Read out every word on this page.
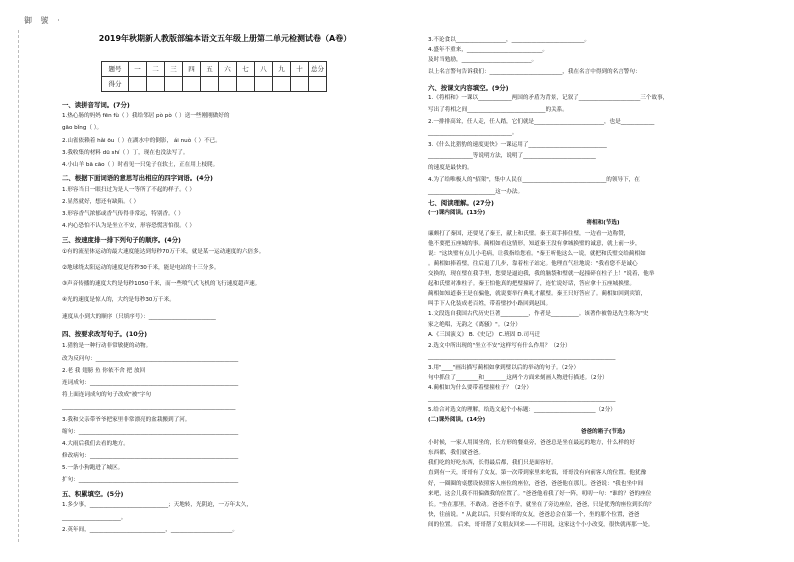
御 號 ·
2019年秋期新人教版部编本语文五年级上册第二单元检测试卷（A卷）
题号	一	二	三	四	五	六	七	八	九	十	总分
得分											
一、读拼音写词。(7分)
1.热心肠的妈妈 fēn fù（ ）我给邻居 pò pò（ ）送一些刚刚做好的
gāo bǐng（ ）。
2.山雀依赖着 hǎi ōu（ ）在湖水中的倒影， ái nuò（ ）不已。
3.我收集的材料 dū shí（ ）丁，现在也没法写了。
4.小山羊 bā cāo（ ）时看见一只兔子在软土，正在用上枝爬。
二、根据下面词语的意思写出相应的四字词语。(4分)
1.形容当日一眼扫过为是人一等所了不起的样子。（ ）
2.显然就好，想还有缺陷。（ ）
3.形容香气浓郁或香气传得非常远，特别香。（ ）
4.内心恐怕不认为是坐立不安，形容恐慌害怕很。（ ）
三、按速度排一排下列句子的顺序。(4分)
①有的流星体运动的最大速度能达到每秒70万千米，就是某一运动速度的六倍多。
②地球绕太阳运动的速度是每秒30千米，能是电站的十三分多。
③声音传播的速度大约是每秒1050千米，而一些喷气式飞机的飞行速度超声速。
④光的速度是惊人的，大约是每秒30万千米。
速度从小到大的顺序（只填序号）：________________________
四、按要求改写句子。(10分)
1.猎豹是一种行动非常敏捷的动物。
改为反问句：___________________________________________________
2.老 我 翅膀 鱼 你依不舍 把 放回
连词成句：_____________________________________________________
将上面连词成句的句子改成"被"字句
______________________________________________________________
3.我和父亲带爷爷把家里非常漂亮的盆栽搬到了河。
缩句：_________________________________________________________
4.大雨后我们去看的地方。
修改病句：_____________________________________________________
5.一条小狗跑进了城区。
扩句：_________________________________________________________
五、积累填空。(5分)
1.多少事，____________________________；天地转，光阴迫，一万年太久，
_____________________。
2.英年间，___________________________，______________________。
3.不论食以__________________，__________________________。
4.盛年不重来，___________________________。
及时当勉励，_________________________。
以上名言警句告诉我们：__________________________，我在名言中得到的名言警句：
六、按课文内容填空。(9分)
1.《将相和》一课以____________两国的矛盾为背景，记叙了______________________三个故事，
写出了将相之间____________________________的关系。
2.一排排高耸，任人走，任人踏，它们就是_________________________，也是____________
______________________________。
3.《什么比猎豹的速度更快》一课运用了____________________________
________________等说明方法，说明了__________________________
的速度是最快的。
4.为了给唯极人的"招架"，集中人民在______________________________的领导下，在
________________________这一办法。
七、阅读理解。(27分)
(一)课内阅读。(13分)
将相和(节选)
廉颇打了秦国，还要见了秦王，献上和氏璧。秦王双手捧住璧，一边看一边称赞，
他不要把五座城的事。蔺相如看这情形，知道秦王没有拿城换璧的诚意，就上前一步，
说："这块璧有点儿小毛病，让我指给您看。"秦王听他这么一说，就把和氏璧交给蔺相如
。蔺相如捧着璧，往后退了几步，靠着柱子站定。他理直气壮地说："我看您不是诚心
交换的，现在璧在我手里，您要是逼迫我，我的脑袋和璧就一起撞碎在柱子上！"说着，他举
起和氏璧对准柱子。秦王怕他真的把璧撞碎了，连忙说好话，答应拿十五座城换璧。
蔺相如知道秦王是在骗他，就说要举行典礼才献璧。秦王只好答应了。蔺相如回到宾馆，
叫手下人化装成老百姓，带着璧抄小路回到赵国。
1.文段选自我国古代历史巨著__________，作者是__________。该著作被鲁迅先生称为"史
家之绝唱，无韵之《离骚》"。（2分）
A.《三国演义》 B.《史记》 C.班固 D.司马迁
2.选文中所出现的"坐立不安"这样写有什么作用？（2分）
___________________________________________________________________
3.用"____"画出描写蔺相如拿到璧以后的举动的句子。（2分）
句中抓住了________和________这两个方面来刻画人物进行描述。（2分）
4.蔺相如为什么要带着璧撞柱子？（2分）
___________________________________________________________________
5.给合对选文的理解，给选文起个小标题：______________________（2分）
(二)课外阅读。(14分)
爸爸的箱子(节选)
小时候，一家人用围坐的，长方形的餐桌旁，爸爸总是坐在最远的地方，什么样的好
东西都，我们就爸爸。
我们吃的好吃东西，长得最后都，我们只是面容好。
直到有一天，哥哥有了女友，第一次带到家里来吃饭，哥哥没有向前客人的位置。他犹豫
好，一圈圈的桌摆设依照客人座位的座位，爸爸，爸爸他在那儿。爸爸说："我也坐中间
来吧，这会儿我不用偏做我的位置了。"爸爸他看我了好一阵，叨叨一句："谁的？爸的座位
长。"坐在那里，不敢动。爸爸不在乎，就坐在了旁边座位，爸爸，只是优秀的座位到长的？
快，往前说。" 从此以后，只要有哥的女友，爸爸总会在第一个，坐的那个位置，爸爸
间的位置。 后来，哥哥帮了女朋友回来——不用说，这家这个小小改变，很快就再那一处。
